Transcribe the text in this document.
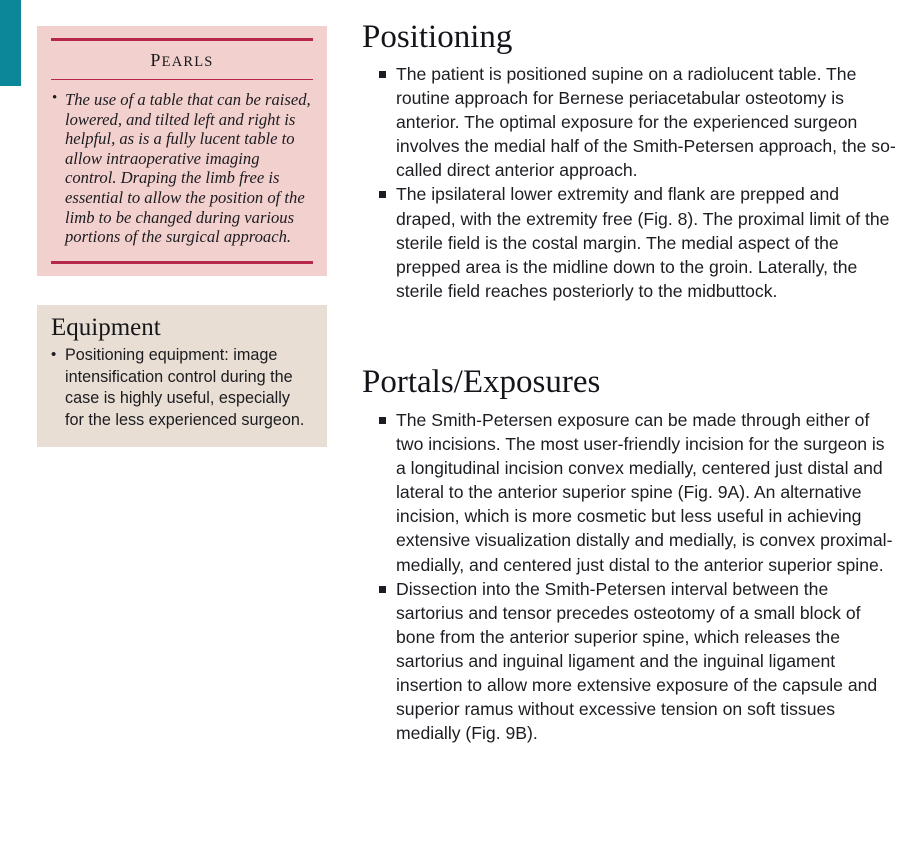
PEARLS
• The use of a table that can be raised, lowered, and tilted left and right is helpful, as is a fully lucent table to allow intraoperative imaging control. Draping the limb free is essential to allow the position of the limb to be changed during various portions of the surgical approach.
Equipment
• Positioning equipment: image intensification control during the case is highly useful, especially for the less experienced surgeon.
Positioning
The patient is positioned supine on a radiolucent table. The routine approach for Bernese periacetabular osteotomy is anterior. The optimal exposure for the experienced surgeon involves the medial half of the Smith-Petersen approach, the so-called direct anterior approach.
The ipsilateral lower extremity and flank are prepped and draped, with the extremity free (Fig. 8). The proximal limit of the sterile field is the costal margin. The medial aspect of the prepped area is the midline down to the groin. Laterally, the sterile field reaches posteriorly to the midbuttock.
Portals/Exposures
The Smith-Petersen exposure can be made through either of two incisions. The most user-friendly incision for the surgeon is a longitudinal incision convex medially, centered just distal and lateral to the anterior superior spine (Fig. 9A). An alternative incision, which is more cosmetic but less useful in achieving extensive visualization distally and medially, is convex proximal-medially, and centered just distal to the anterior superior spine.
Dissection into the Smith-Petersen interval between the sartorius and tensor precedes osteotomy of a small block of bone from the anterior superior spine, which releases the sartorius and inguinal ligament and the inguinal ligament insertion to allow more extensive exposure of the capsule and superior ramus without excessive tension on soft tissues medially (Fig. 9B).
